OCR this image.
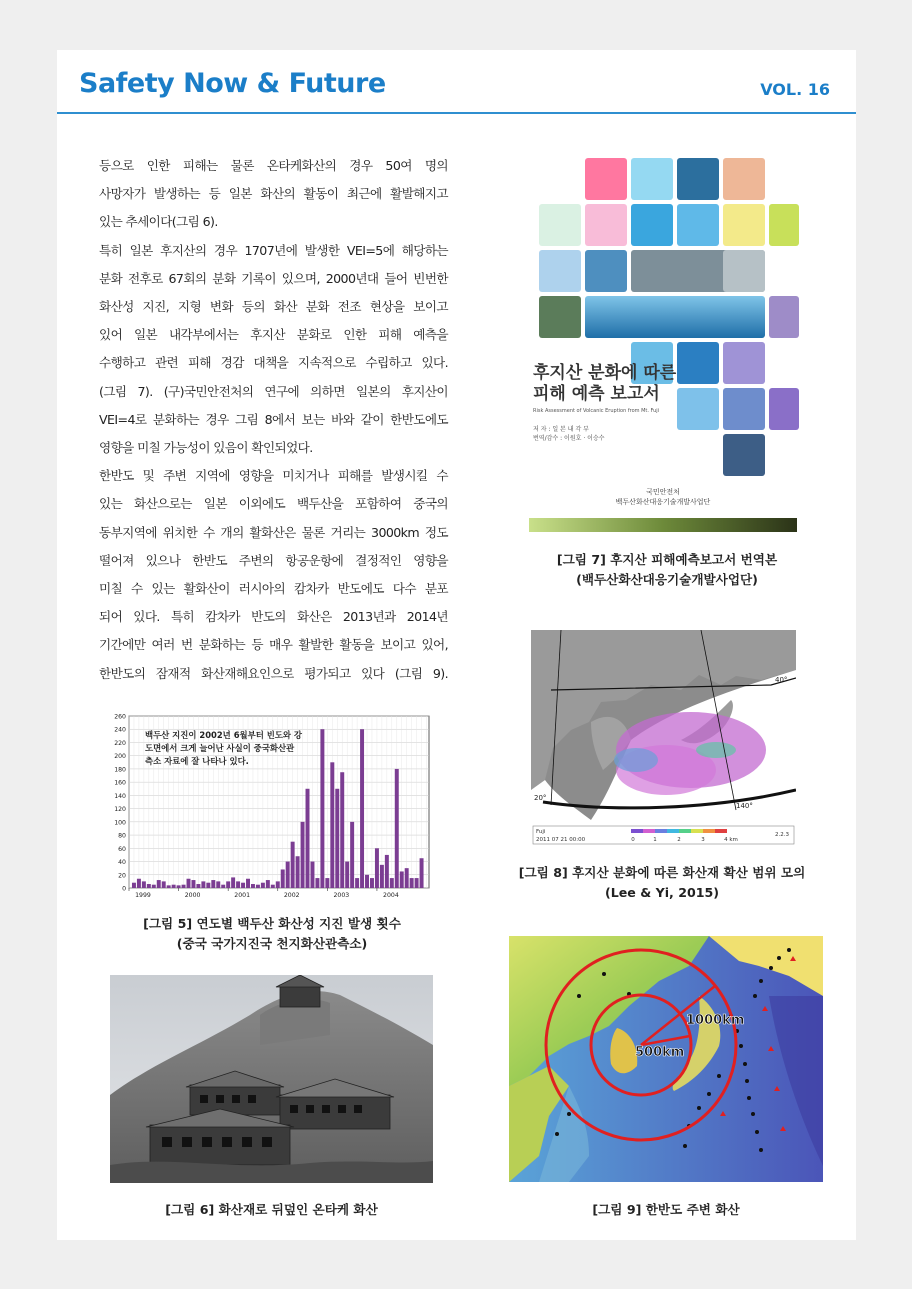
Safety Now & Future	VOL. 16

등으로 인한 피해는 물론 온타케화산의 경우 50여 명의

사망자가 발생하는 등 일본 화산의 활동이 최근에 활발해지고

있는 추세이다(그림 6).

특히 일본 후지산의 경우 1707년에 발생한 VEI=5에 해당하는

분화 전후로 67회의 분화 기록이 있으며, 2000년대 들어 빈번한

화산성 지진, 지형 변화 등의 화산 분화 전조 현상을 보이고

있어 일본 내각부에서는 후지산 분화로 인한 피해 예측을

수행하고 관련 피해 경감 대책을 지속적으로 수립하고 있다.

(그림 7). (구)국민안전처의 연구에 의하면 일본의 후지산이

VEI=4로 분화하는 경우 그림 8에서 보는 바와 같이 한반도에도

영향을 미칠 가능성이 있음이 확인되었다.

한반도 및 주변 지역에 영향을 미치거나 피해를 발생시킬 수

있는 화산으로는 일본 이외에도 백두산을 포함하여 중국의

동부지역에 위치한 수 개의 활화산은 물론 거리는 3000km 정도

떨어져 있으나 한반도 주변의 항공운항에 결정적인 영향을

미칠 수 있는 활화산이 러시아의 캄차카 반도에도 다수 분포

되어 있다. 특히 캄차카 반도의 화산은 2013년과 2014년

기간에만 여러 번 분화하는 등 매우 활발한 활동을 보이고 있어,

한반도의 잠재적 화산재해요인으로 평가되고 있다 (그림 9).

후지산 분화에 따른
피해 예측 보고서
Risk Assessment of Volcanic Eruption from Mt. Fuji
저 자 : 일 본 내 각 부
번역/감수 : 이원호 · 이승수
국민안전처
백두산화산대응기술개발사업단
[그림 7] 후지산 피해예측보고서 번역본
(백두산화산대응기술개발사업단)
40°
20°
140°
Fuji
2011 07 21 00:00	0	1	2	3	4 km
2.2.3
[그림 8] 후지산 분화에 따른 화산재 확산 범위 모의
(Lee & Yi, 2015)
0
20
40
60
80
100
120
140
160
180
200
220
240
260
1999	2000	2001	2002	2003	2004
백두산 지진이 2002년 6월부터 빈도와 강
도면에서 크게 늘어난 사실이 중국화산관
측소 자료에 잘 나타나 있다.
[그림 5] 연도별 백두산 화산성 지진 발생 횟수
(중국 국가지진국 천지화산관측소)
1000km
500km
[그림 9] 한반도 주변 화산
[그림 6] 화산재로 뒤덮인 온타케 화산
